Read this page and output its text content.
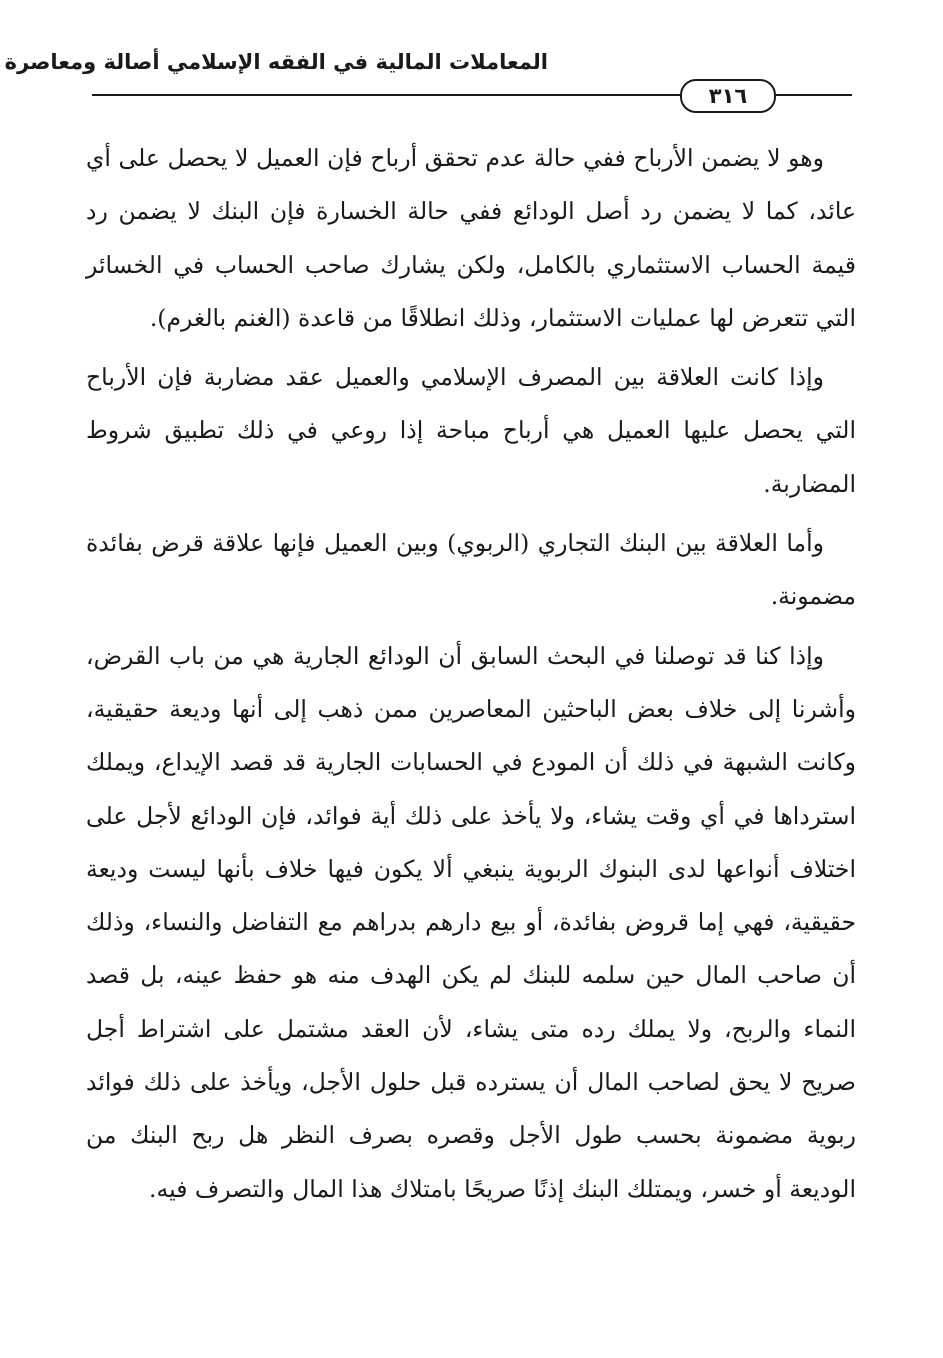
المعاملات المالية في الفقه الإسلامي أصالة ومعاصرة
٣١٦

وهو لا يضمن الأرباح ففي حالة عدم تحقق أرباح فإن العميل لا يحصل على أي عائد، كما لا يضمن رد أصل الودائع ففي حالة الخسارة فإن البنك لا يضمن رد قيمة الحساب الاستثماري بالكامل، ولكن يشارك صاحب الحساب في الخسائر التي تتعرض لها عمليات الاستثمار، وذلك انطلاقًا من قاعدة (الغنم بالغرم).

وإذا كانت العلاقة بين المصرف الإسلامي والعميل عقد مضاربة فإن الأرباح التي يحصل عليها العميل هي أرباح مباحة إذا روعي في ذلك تطبيق شروط المضاربة.

وأما العلاقة بين البنك التجاري (الربوي) وبين العميل فإنها علاقة قرض بفائدة مضمونة.

وإذا كنا قد توصلنا في البحث السابق أن الودائع الجارية هي من باب القرض، وأشرنا إلى خلاف بعض الباحثين المعاصرين ممن ذهب إلى أنها وديعة حقيقية، وكانت الشبهة في ذلك أن المودع في الحسابات الجارية قد قصد الإيداع، ويملك استرداها في أي وقت يشاء، ولا يأخذ على ذلك أية فوائد، فإن الودائع لأجل على اختلاف أنواعها لدى البنوك الربوية ينبغي ألا يكون فيها خلاف بأنها ليست وديعة حقيقية، فهي إما قروض بفائدة، أو بيع دارهم بدراهم مع التفاضل والنساء، وذلك أن صاحب المال حين سلمه للبنك لم يكن الهدف منه هو حفظ عينه، بل قصد النماء والربح، ولا يملك رده متى يشاء، لأن العقد مشتمل على اشتراط أجل صريح لا يحق لصاحب المال أن يسترده قبل حلول الأجل، ويأخذ على ذلك فوائد ربوية مضمونة بحسب طول الأجل وقصره بصرف النظر هل ربح البنك من الوديعة أو خسر، ويمتلك البنك إذنًا صريحًا بامتلاك هذا المال والتصرف فيه.
